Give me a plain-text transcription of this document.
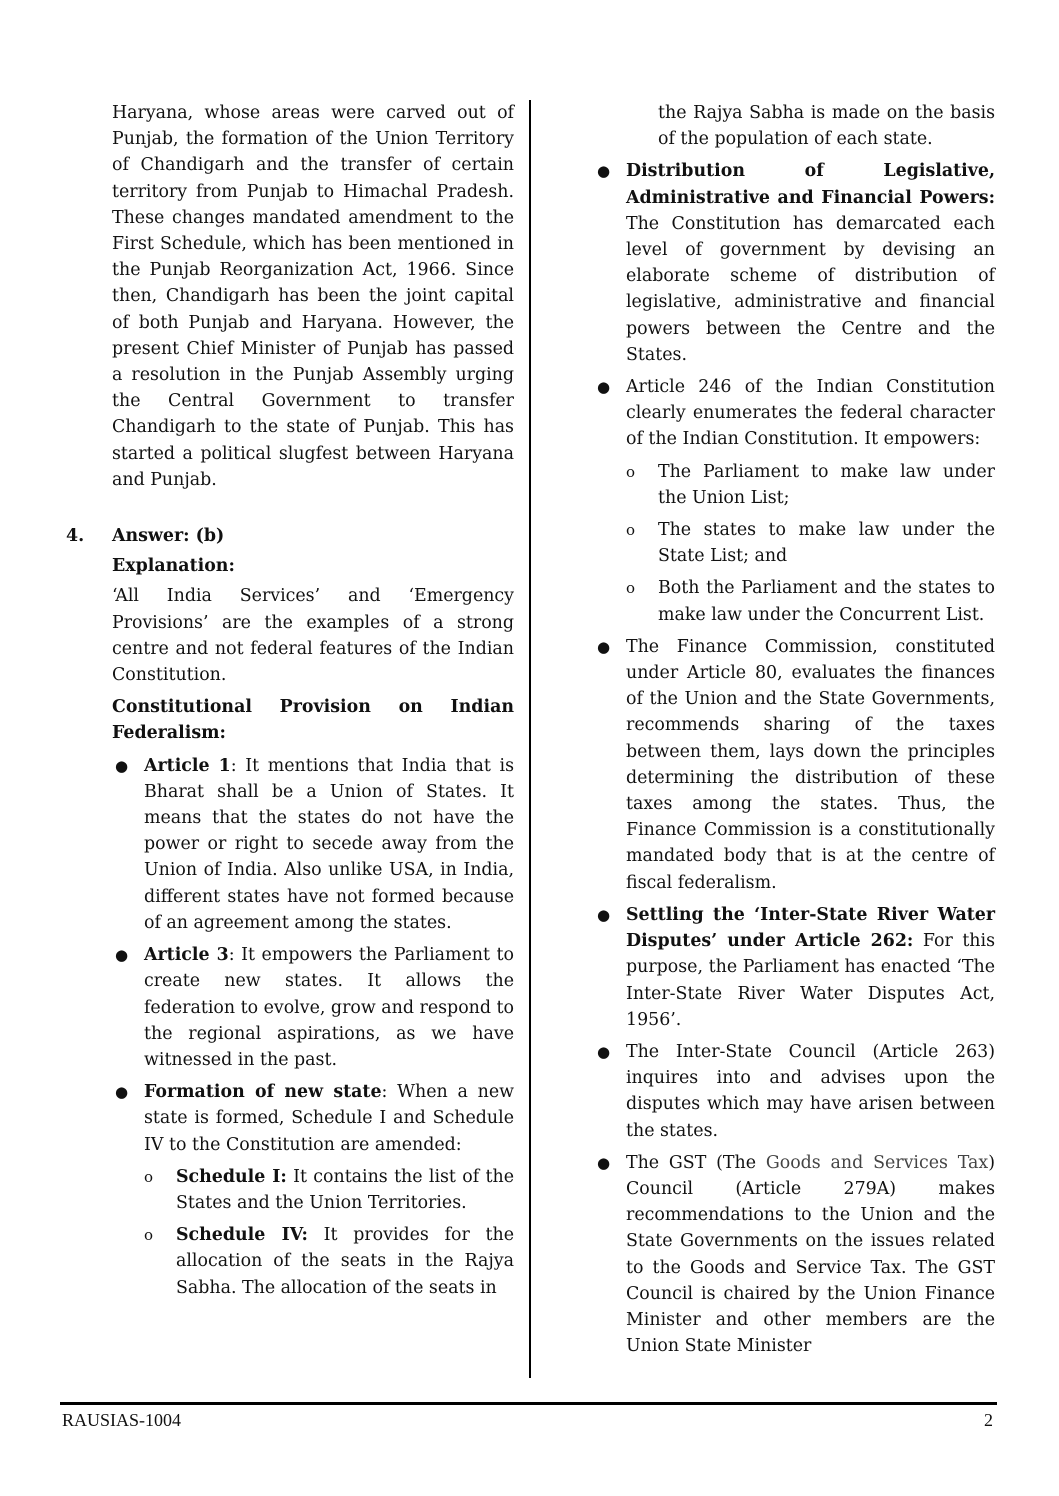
Haryana, whose areas were carved out of Punjab, the formation of the Union Territory of Chandigarh and the transfer of certain territory from Punjab to Himachal Pradesh. These changes mandated amendment to the First Schedule, which has been mentioned in the Punjab Reorganization Act, 1966. Since then, Chandigarh has been the joint capital of both Punjab and Haryana. However, the present Chief Minister of Punjab has passed a resolution in the Punjab Assembly urging the Central Government to transfer Chandigarh to the state of Punjab. This has started a political slugfest between Haryana and Punjab.

4. Answer: (b)

Explanation:

‘All India Services’ and ‘Emergency Provisions’ are the examples of a strong centre and not federal features of the Indian Constitution.

Constitutional Provision on Indian Federalism:

● Article 1: It mentions that India that is Bharat shall be a Union of States. It means that the states do not have the power or right to secede away from the Union of India. Also unlike USA, in India, different states have not formed because of an agreement among the states.

● Article 3: It empowers the Parliament to create new states. It allows the federation to evolve, grow and respond to the regional aspirations, as we have witnessed in the past.

● Formation of new state: When a new state is formed, Schedule I and Schedule IV to the Constitution are amended:

o Schedule I: It contains the list of the States and the Union Territories.

o Schedule IV: It provides for the allocation of the seats in the Rajya Sabha. The allocation of the seats in

the Rajya Sabha is made on the basis of the population of each state.

● Distribution of Legislative, Administrative and Financial Powers: The Constitution has demarcated each level of government by devising an elaborate scheme of distribution of legislative, administrative and financial powers between the Centre and the States.

● Article 246 of the Indian Constitution clearly enumerates the federal character of the Indian Constitution. It empowers:

o The Parliament to make law under the Union List;

o The states to make law under the State List; and

o Both the Parliament and the states to make law under the Concurrent List.

● The Finance Commission, constituted under Article 80, evaluates the finances of the Union and the State Governments, recommends sharing of the taxes between them, lays down the principles determining the distribution of these taxes among the states. Thus, the Finance Commission is a constitutionally mandated body that is at the centre of fiscal federalism.

● Settling the ‘Inter-State River Water Disputes’ under Article 262: For this purpose, the Parliament has enacted ‘The Inter-State River Water Disputes Act, 1956’.

● The Inter-State Council (Article 263) inquires into and advises upon the disputes which may have arisen between the states.

● The GST (The Goods and Services Tax) Council (Article 279A) makes recommendations to the Union and the State Governments on the issues related to the Goods and Service Tax. The GST Council is chaired by the Union Finance Minister and other members are the Union State Minister

RAUSIAS-1004	2
